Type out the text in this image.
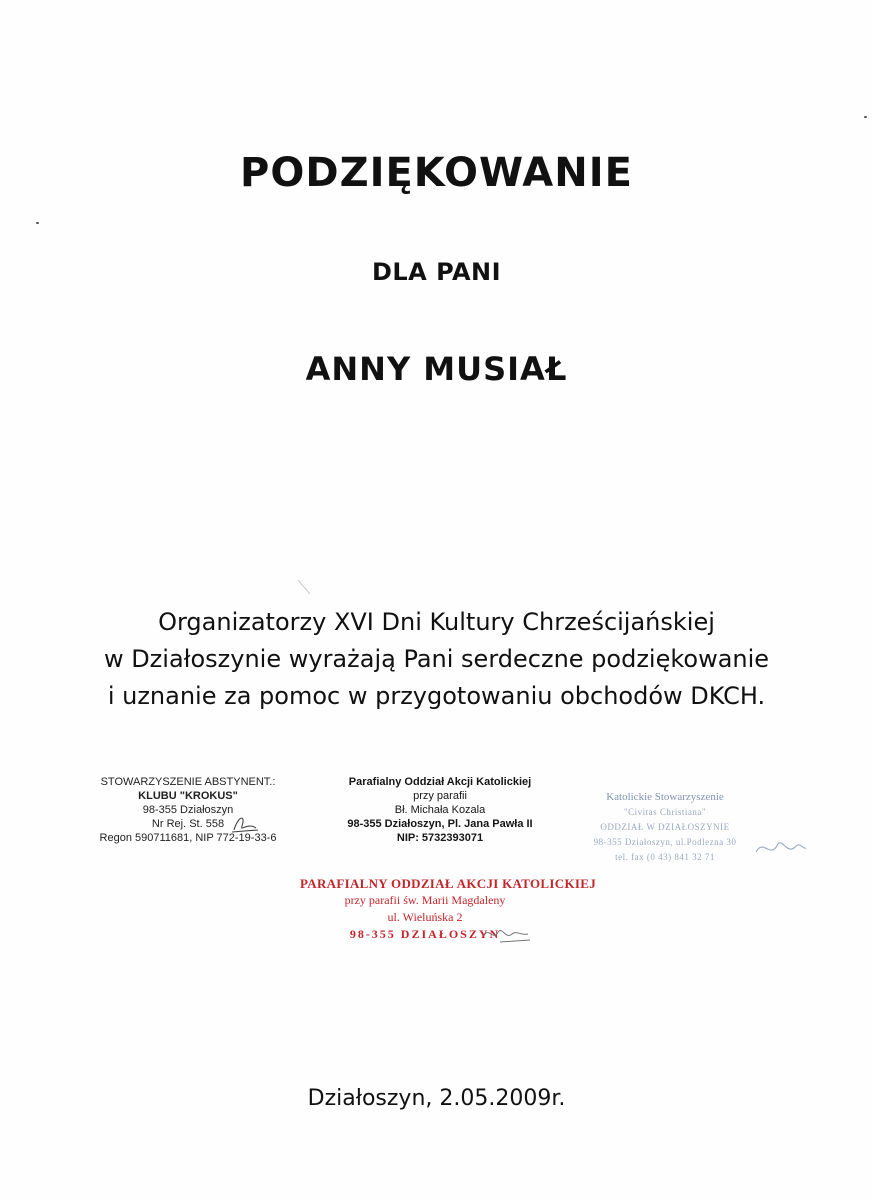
PODZIĘKOWANIE
DLA PANI
ANNY MUSIAŁ
Organizatorzy XVI Dni Kultury Chrześcijańskiej
w Działoszynie wyrażają Pani serdeczne podziękowanie
i uznanie za pomoc w przygotowaniu obchodów DKCH.
STOWARZYSZENIE ABSTYNENT.:
KLUBU "KROKUS"
98-355 Działoszyn
Nr Rej. St. 558
Regon 590711681, NIP 772-19-33-6
Parafialny Oddział Akcji Katolickiej
przy parafii
Bł. Michała Kozala
98-355 Działoszyn, Pl. Jana Pawła II
NIP: 5732393071
Katolickie Stowarzyszenie
"Civitas Christiana"
ODDZIAŁ W DZIAŁOSZYNIE
98-355 Działoszyn, ul.Podlezna 30
tel. fax (0 43) 841 32 71
PARAFIALNY ODDZIAŁ AKCJI KATOLICKIEJ
przy parafii św. Marii Magdaleny
ul. Wieluńska 2
98-355 DZIAŁOSZYN
Działoszyn, 2.05.2009r.
